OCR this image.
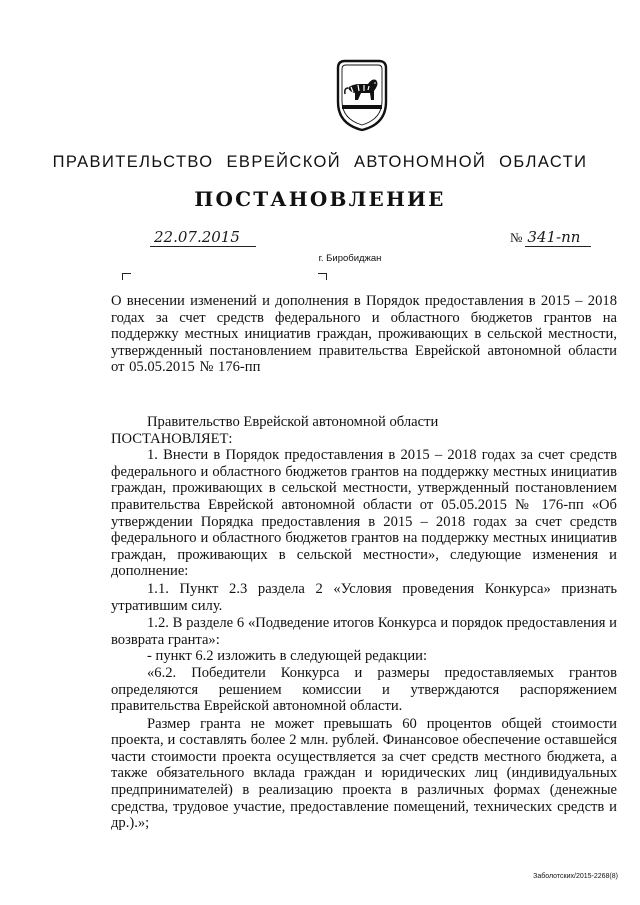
ПРАВИТЕЛЬСТВО ЕВРЕЙСКОЙ АВТОНОМНОЙ ОБЛАСТИ
ПОСТАНОВЛЕНИЕ
22.07.2015	№ 341-пп
г. Биробиджан
О внесении изменений и дополнения в Порядок предоставления в 2015 – 2018 годах за счет средств федерального и областного бюджетов грантов на поддержку местных инициатив граждан, проживающих в сельской местности, утвержденный постановлением правительства Еврейской автономной области от 05.05.2015 № 176-пп

Правительство Еврейской автономной области

ПОСТАНОВЛЯЕТ:

1. Внести в Порядок предоставления в 2015 – 2018 годах за счет средств федерального и областного бюджетов грантов на поддержку местных инициатив граждан, проживающих в сельской местности, утвержденный постановлением правительства Еврейской автономной области от 05.05.2015 № 176-пп «Об утверждении Порядка предоставления в 2015 – 2018 годах за счет средств федерального и областного бюджетов грантов на поддержку местных инициатив граждан, проживающих в сельской местности», следующие изменения и дополнение:

1.1. Пункт 2.3 раздела 2 «Условия проведения Конкурса» признать утратившим силу.

1.2. В разделе 6 «Подведение итогов Конкурса и порядок предоставления и возврата гранта»:

- пункт 6.2 изложить в следующей редакции:

«6.2. Победители Конкурса и размеры предоставляемых грантов определяются решением комиссии и утверждаются распоряжением правительства Еврейской автономной области.

Размер гранта не может превышать 60 процентов общей стоимости проекта, и составлять более 2 млн. рублей. Финансовое обеспечение оставшейся части стоимости проекта осуществляется за счет средств местного бюджета, а также обязательного вклада граждан и юридических лиц (индивидуальных предпринимателей) в реализацию проекта в различных формах (денежные средства, трудовое участие, предоставление помещений, технических средств и др.).»;

Заболотских/2015-2268(8)
